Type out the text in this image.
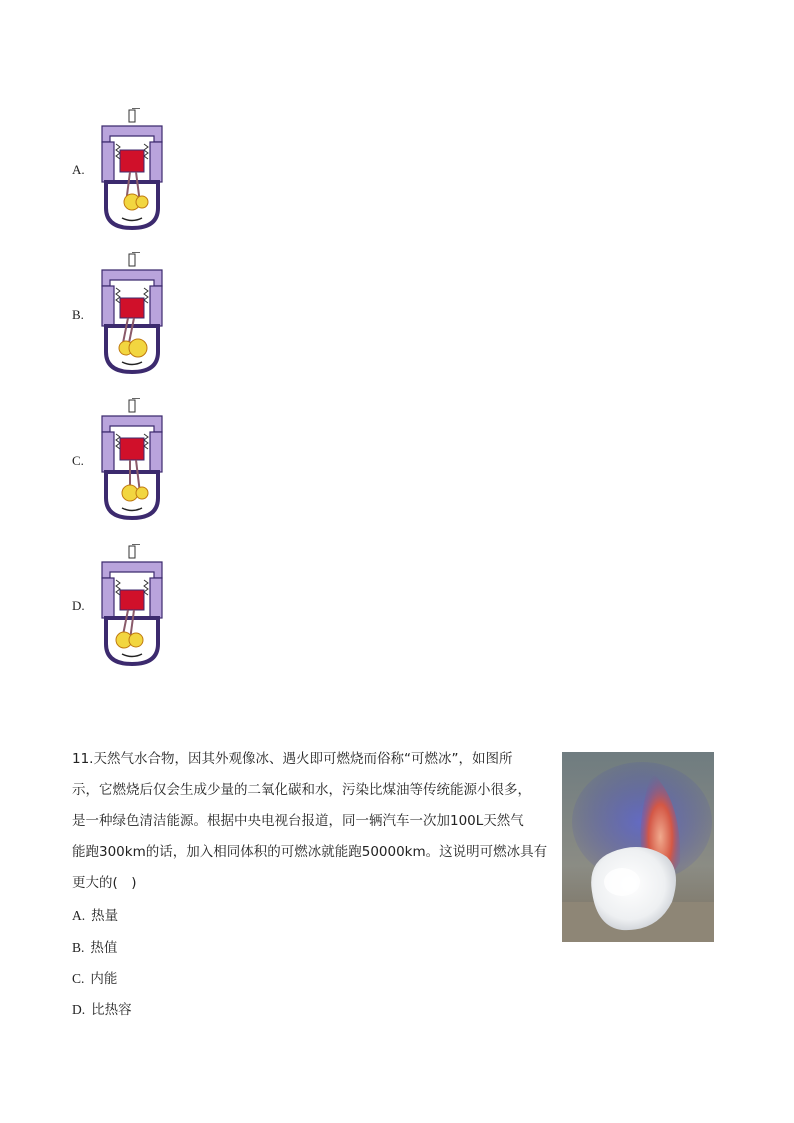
A.
B.
C.
D.
11.天然气水合物，因其外观像冰、遇火即可燃烧而俗称“可燃冰”，如图所
示，它燃烧后仅会生成少量的二氧化碳和水，污染比煤油等传统能源小很多，
是一种绿色清洁能源。根据中央电视台报道，同一辆汽车一次加100L天然气
能跑300km的话，加入相同体积的可燃冰就能跑50000km。这说明可燃冰具有
更大的(　)
A. 热量
B. 热值
C. 内能
D. 比热容
